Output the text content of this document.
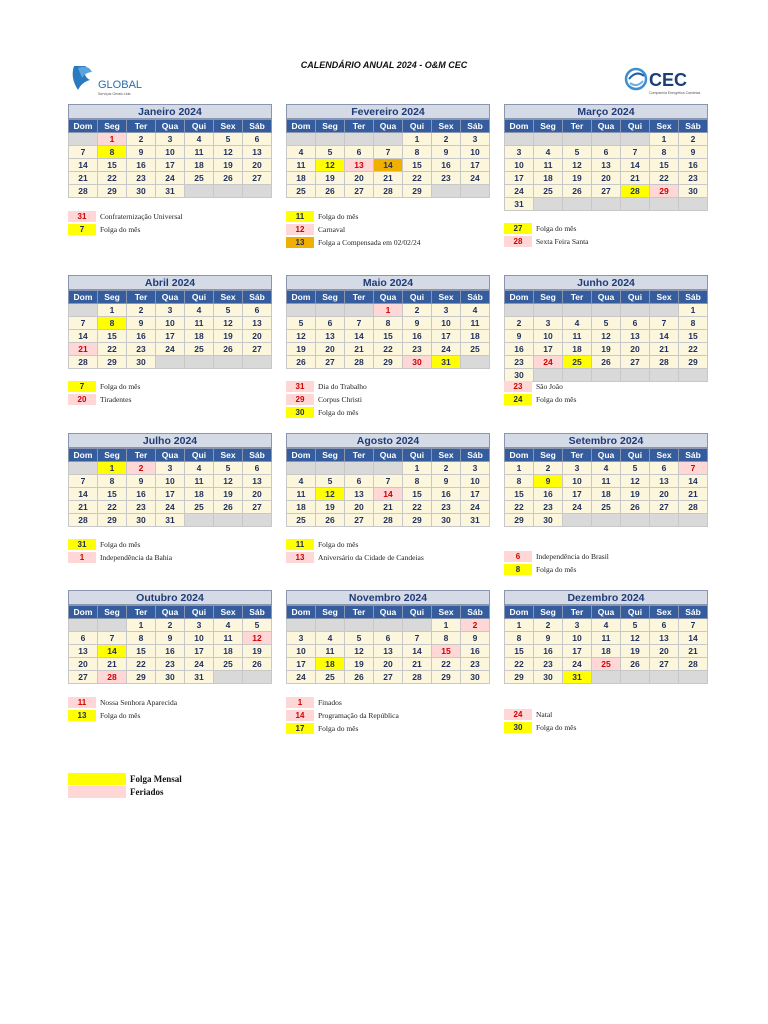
CALENDÁRIO ANUAL 2024 - O&M CEC
GLOBAL
Serviços Gerais Ltda
CEC
Companhia Energética Candeias
Janeiro 2024
Dom	Seg	Ter	Qua	Qui	Sex	Sáb
	1	2	3	4	5	6
7	8	9	10	11	12	13
14	15	16	17	18	19	20
21	22	23	24	25	26	27
28	29	30	31			
31	Confraternização Universal
7	Folga do mês
Fevereiro 2024
Dom	Seg	Ter	Qua	Qui	Sex	Sáb
				1	2	3
4	5	6	7	8	9	10
11	12	13	14	15	16	17
18	19	20	21	22	23	24
25	26	27	28	29		
11	Folga do mês
12	Carnaval
13	Folga a Compensada em 02/02/24
Março 2024
Dom	Seg	Ter	Qua	Qui	Sex	Sáb
					1	2
3	4	5	6	7	8	9
10	11	12	13	14	15	16
17	18	19	20	21	22	23
24	25	26	27	28	29	30
31						
27	Folga do mês
28	Sexta Feira Santa
Abril 2024
Dom	Seg	Ter	Qua	Qui	Sex	Sáb
	1	2	3	4	5	6
7	8	9	10	11	12	13
14	15	16	17	18	19	20
21	22	23	24	25	26	27
28	29	30				
7	Folga do mês
20	Tiradentes
Maio 2024
Dom	Seg	Ter	Qua	Qui	Sex	Sáb
			1	2	3	4
5	6	7	8	9	10	11
12	13	14	15	16	17	18
19	20	21	22	23	24	25
26	27	28	29	30	31	
31	Dia do Trabalho
29	Corpus Christi
30	Folga do mês
Junho 2024
Dom	Seg	Ter	Qua	Qui	Sex	Sáb
						1
2	3	4	5	6	7	8
9	10	11	12	13	14	15
16	17	18	19	20	21	22
23	24	25	26	27	28	29
30						
23	São João
24	Folga do mês
Julho 2024
Dom	Seg	Ter	Qua	Qui	Sex	Sáb
	1	2	3	4	5	6
7	8	9	10	11	12	13
14	15	16	17	18	19	20
21	22	23	24	25	26	27
28	29	30	31			
31	Folga do mês
1	Independência da Bahia
Agosto 2024
Dom	Seg	Ter	Qua	Qui	Sex	Sáb
				1	2	3
4	5	6	7	8	9	10
11	12	13	14	15	16	17
18	19	20	21	22	23	24
25	26	27	28	29	30	31
11	Folga do mês
13	Aniversário da Cidade de Candeias
Setembro 2024
Dom	Seg	Ter	Qua	Qui	Sex	Sáb
1	2	3	4	5	6	7
8	9	10	11	12	13	14
15	16	17	18	19	20	21
22	23	24	25	26	27	28
29	30					
6	Independência do Brasil
8	Folga do mês
Outubro 2024
Dom	Seg	Ter	Qua	Qui	Sex	Sáb
		1	2	3	4	5
6	7	8	9	10	11	12
13	14	15	16	17	18	19
20	21	22	23	24	25	26
27	28	29	30	31		
11	Nossa Senhora Aparecida
13	Folga do mês
Novembro 2024
Dom	Seg	Ter	Qua	Qui	Sex	Sáb
					1	2
3	4	5	6	7	8	9
10	11	12	13	14	15	16
17	18	19	20	21	22	23
24	25	26	27	28	29	30
1	Finados
14	Programação da República
17	Folga do mês
Dezembro 2024
Dom	Seg	Ter	Qua	Qui	Sex	Sáb
1	2	3	4	5	6	7
8	9	10	11	12	13	14
15	16	17	18	19	20	21
22	23	24	25	26	27	28
29	30	31				
24	Natal
30	Folga do mês
Folga Mensal
Feriados
